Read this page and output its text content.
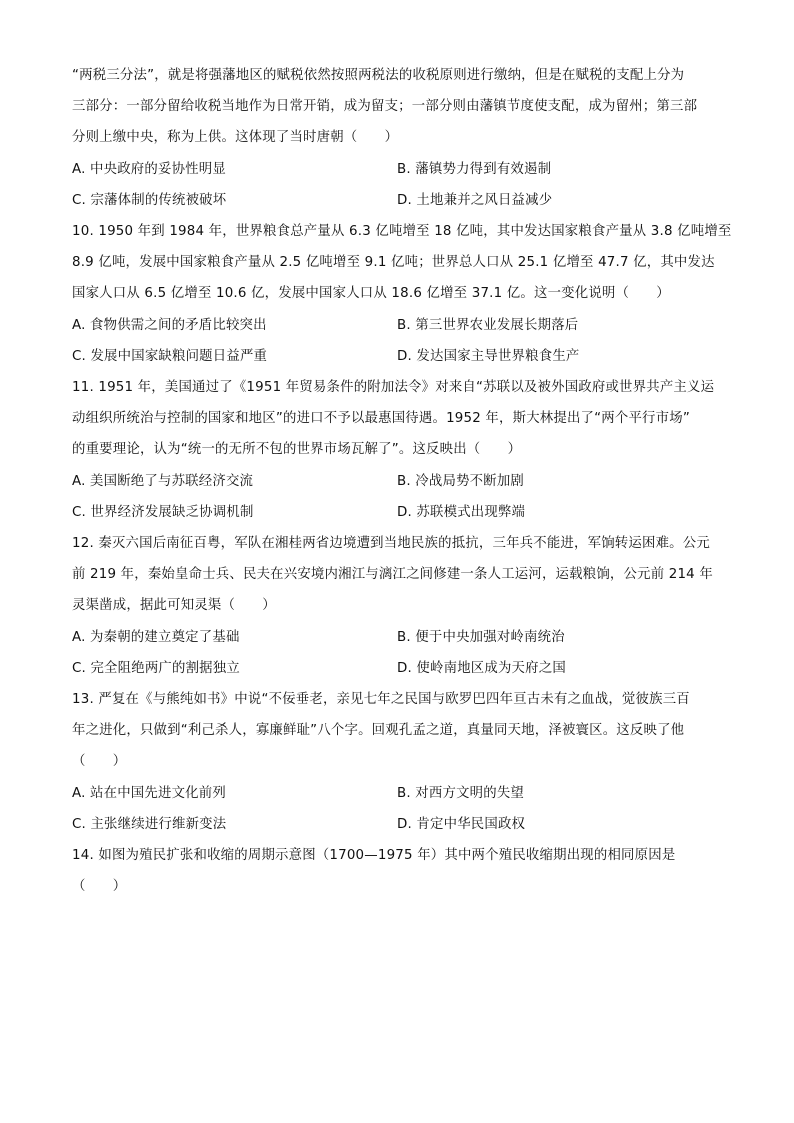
“两税三分法”，就是将强藩地区的赋税依然按照两税法的收税原则进行缴纳，但是在赋税的支配上分为
三部分：一部分留给收税当地作为日常开销，成为留支；一部分则由藩镇节度使支配，成为留州；第三部
分则上缴中央，称为上供。这体现了当时唐朝（　　）
A. 中央政府的妥协性明显	B. 藩镇势力得到有效遏制
C. 宗藩体制的传统被破坏	D. 土地兼并之风日益减少
10. 1950 年到 1984 年，世界粮食总产量从 6.3 亿吨增至 18 亿吨，其中发达国家粮食产量从 3.8 亿吨增至
8.9 亿吨，发展中国家粮食产量从 2.5 亿吨增至 9.1 亿吨；世界总人口从 25.1 亿增至 47.7 亿，其中发达
国家人口从 6.5 亿增至 10.6 亿，发展中国家人口从 18.6 亿增至 37.1 亿。这一变化说明（　　）
A. 食物供需之间的矛盾比较突出	B. 第三世界农业发展长期落后
C. 发展中国家缺粮问题日益严重	D. 发达国家主导世界粮食生产
11. 1951 年，美国通过了《1951 年贸易条件的附加法令》对来自“苏联以及被外国政府或世界共产主义运
动组织所统治与控制的国家和地区”的进口不予以最惠国待遇。1952 年，斯大林提出了“两个平行市场”
的重要理论，认为“统一的无所不包的世界市场瓦解了”。这反映出（　　）
A. 美国断绝了与苏联经济交流	B. 冷战局势不断加剧
C. 世界经济发展缺乏协调机制	D. 苏联模式出现弊端
12. 秦灭六国后南征百粤，军队在湘桂两省边境遭到当地民族的抵抗，三年兵不能进，军饷转运困难。公元
前 219 年，秦始皇命士兵、民夫在兴安境内湘江与漓江之间修建一条人工运河，运载粮饷，公元前 214 年
灵渠凿成，据此可知灵渠（　　）
A. 为秦朝的建立奠定了基础	B. 便于中央加强对岭南统治
C. 完全阻绝两广的割据独立	D. 使岭南地区成为天府之国
13. 严复在《与熊纯如书》中说“不佞垂老，亲见七年之民国与欧罗巴四年亘古未有之血战，觉彼族三百
年之进化，只做到“利己杀人，寡廉鲜耻”八个字。回观孔孟之道，真量同天地，泽被寰区。这反映了他
（　　）
A. 站在中国先进文化前列	B. 对西方文明的失望
C. 主张继续进行维新变法	D. 肯定中华民国政权
14. 如图为殖民扩张和收缩的周期示意图（1700—1975 年）其中两个殖民收缩期出现的相同原因是
（　　）
